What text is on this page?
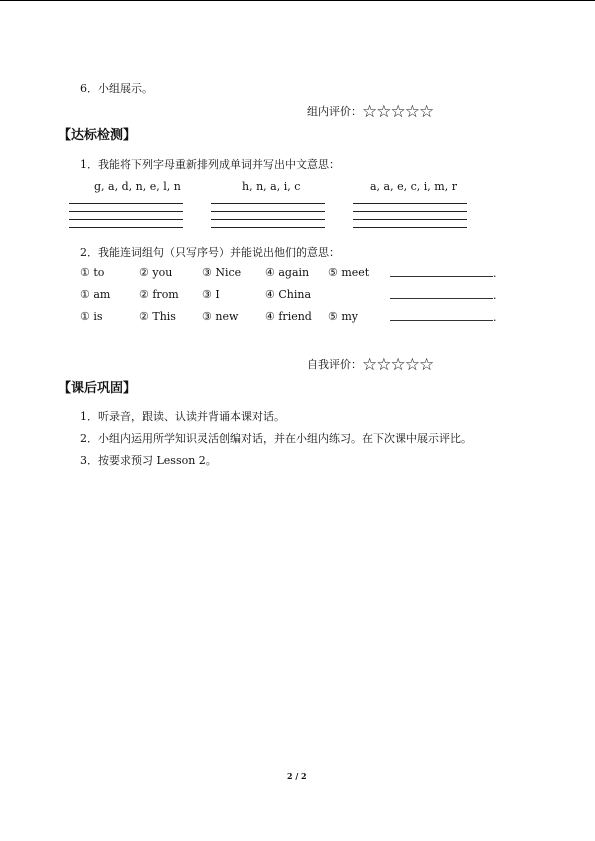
6．小组展示。
组内评价：☆☆☆☆☆
【达标检测】
1．我能将下列字母重新排列成单词并写出中文意思：
g, a, d, n, e, l, n	h, n, a, i, c	a, a, e, c, i, m, r
2．我能连词组句（只写序号）并能说出他们的意思：
① to	② you	③ Nice ④ again ⑤ meet	.
① am	② from ③ I	④ China	.
① is	② This ③ new ④ friend ⑤ my	.
自我评价：☆☆☆☆☆
【课后巩固】
1．听录音，跟读、认读并背诵本课对话。
2．小组内运用所学知识灵活创编对话，并在小组内练习。在下次课中展示评比。
3．按要求预习 Lesson 2。
2 / 2
